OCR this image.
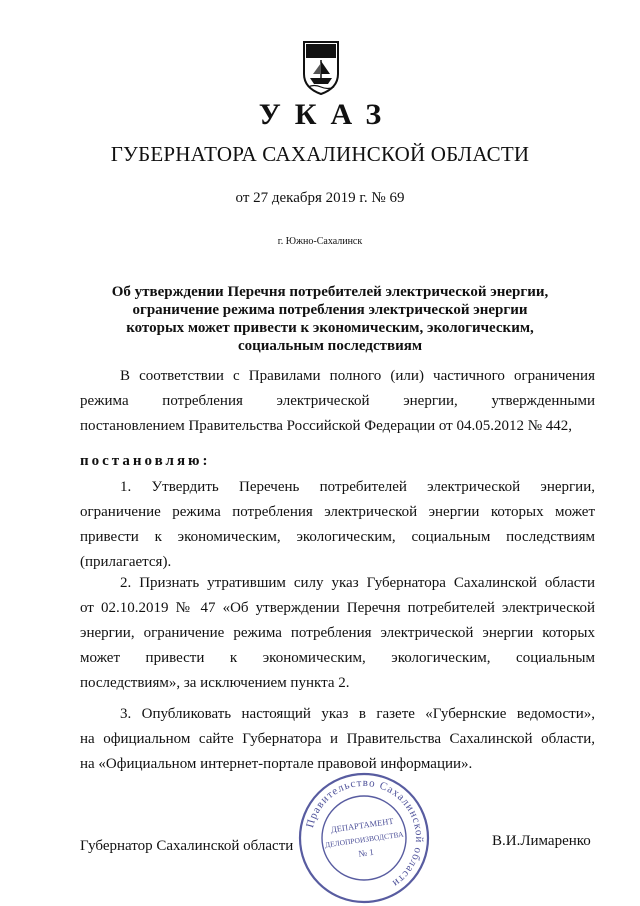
УКАЗ
ГУБЕРНАТОРА САХАЛИНСКОЙ ОБЛАСТИ
от 27 декабря 2019 г. № 69
г. Южно-Сахалинск
Об утверждении Перечня потребителей электрической энергии,
ограничение режима потребления электрической энергии
которых может привести к экономическим, экологическим,
социальным последствиям
В соответствии с Правилами полного (или) частичного ограничения
режима потребления электрической энергии, утвержденными
постановлением Правительства Российской Федерации от 04.05.2012 № 442,
постановляю:
1. Утвердить Перечень потребителей электрической энергии,
ограничение режима потребления электрической энергии которых может
привести к экономическим, экологическим, социальным последствиям
(прилагается).
2. Признать утратившим силу указ Губернатора Сахалинской области
от 02.10.2019 № 47 «Об утверждении Перечня потребителей электрической
энергии, ограничение режима потребления электрической энергии которых
может привести к экономическим, экологическим, социальным
последствиям», за исключением пункта 2.
3. Опубликовать настоящий указ в газете «Губернские ведомости»,
на официальном сайте Губернатора и Правительства Сахалинской области,
на «Официальном интернет-портале правовой информации».
Губернатор Сахалинской области	В.И.Лимаренко
Правительство Сахалинской области
ДЕПАРТАМЕНТ
ДЕЛОПРОИЗВОДСТВА
№ 1
